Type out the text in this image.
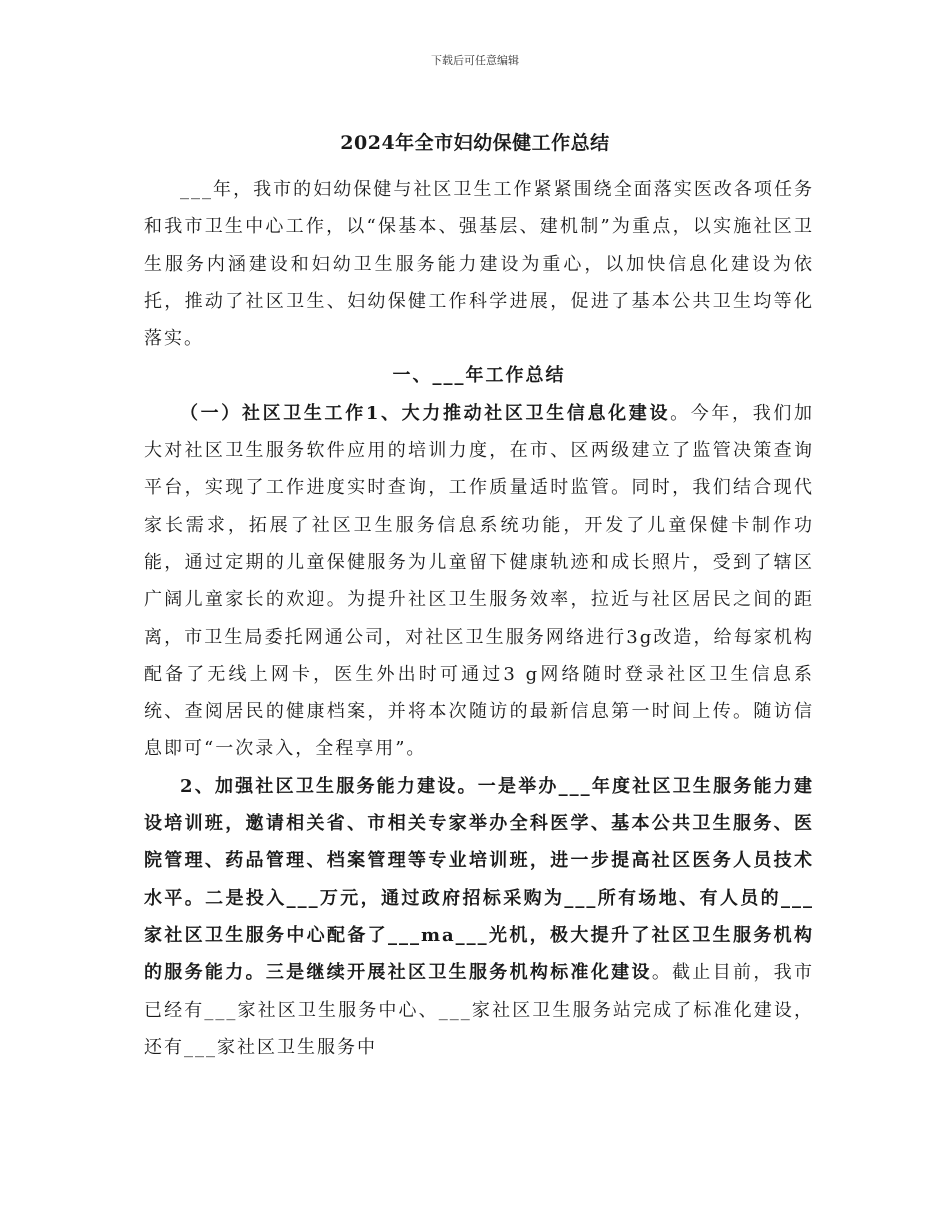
下载后可任意编辑
2024年全市妇幼保健工作总结

___年，我市的妇幼保健与社区卫生工作紧紧围绕全面落实医改各项任务和我市卫生中心工作，以“保基本、强基层、建机制”为重点，以实施社区卫生服务内涵建设和妇幼卫生服务能力建设为重心，以加快信息化建设为依托，推动了社区卫生、妇幼保健工作科学进展，促进了基本公共卫生均等化落实。

一、___年工作总结

（一）社区卫生工作1、大力推动社区卫生信息化建设。今年，我们加大对社区卫生服务软件应用的培训力度，在市、区两级建立了监管决策查询平台，实现了工作进度实时查询，工作质量适时监管。同时，我们结合现代家长需求，拓展了社区卫生服务信息系统功能，开发了儿童保健卡制作功能，通过定期的儿童保健服务为儿童留下健康轨迹和成长照片，受到了辖区广阔儿童家长的欢迎。为提升社区卫生服务效率，拉近与社区居民之间的距离，市卫生局委托网通公司，对社区卫生服务网络进行3g改造，给每家机构配备了无线上网卡，医生外出时可通过3 g网络随时登录社区卫生信息系统、查阅居民的健康档案，并将本次随访的最新信息第一时间上传。随访信息即可“一次录入，全程享用”。

2、加强社区卫生服务能力建设。一是举办___年度社区卫生服务能力建设培训班，邀请相关省、市相关专家举办全科医学、基本公共卫生服务、医院管理、药品管理、档案管理等专业培训班，进一步提高社区医务人员技术水平。二是投入___万元，通过政府招标采购为___所有场地、有人员的___家社区卫生服务中心配备了___ma___光机，极大提升了社区卫生服务机构的服务能力。三是继续开展社区卫生服务机构标准化建设。截止目前，我市已经有___家社区卫生服务中心、___家社区卫生服务站完成了标准化建设，还有___家社区卫生服务中
